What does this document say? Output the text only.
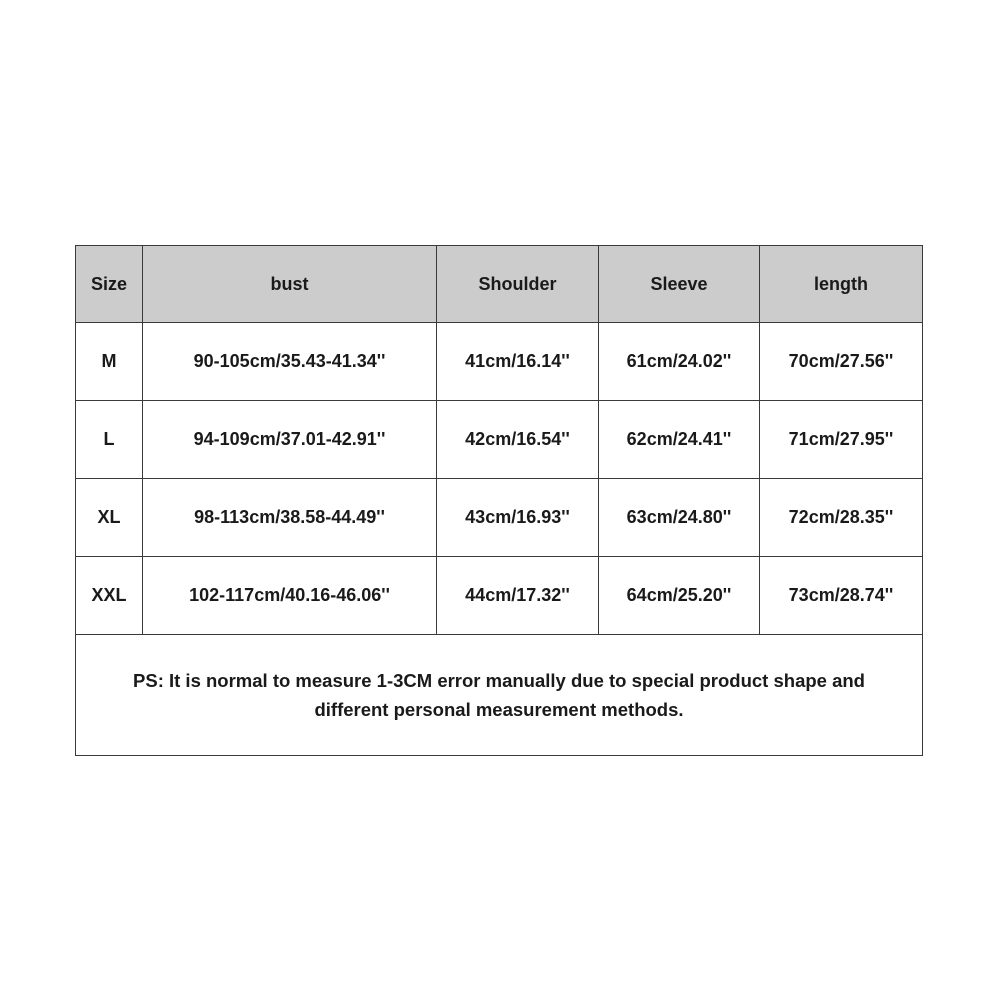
Size	bust	Shoulder	Sleeve	length
M	90-105cm/35.43-41.34''	41cm/16.14''	61cm/24.02''	70cm/27.56''
L	94-109cm/37.01-42.91''	42cm/16.54''	62cm/24.41''	71cm/27.95''
XL	98-113cm/38.58-44.49''	43cm/16.93''	63cm/24.80''	72cm/28.35''
XXL	102-117cm/40.16-46.06''	44cm/17.32''	64cm/25.20''	73cm/28.74''

PS: It is normal to measure 1-3CM error manually due to special product shape and
different personal measurement methods.				
